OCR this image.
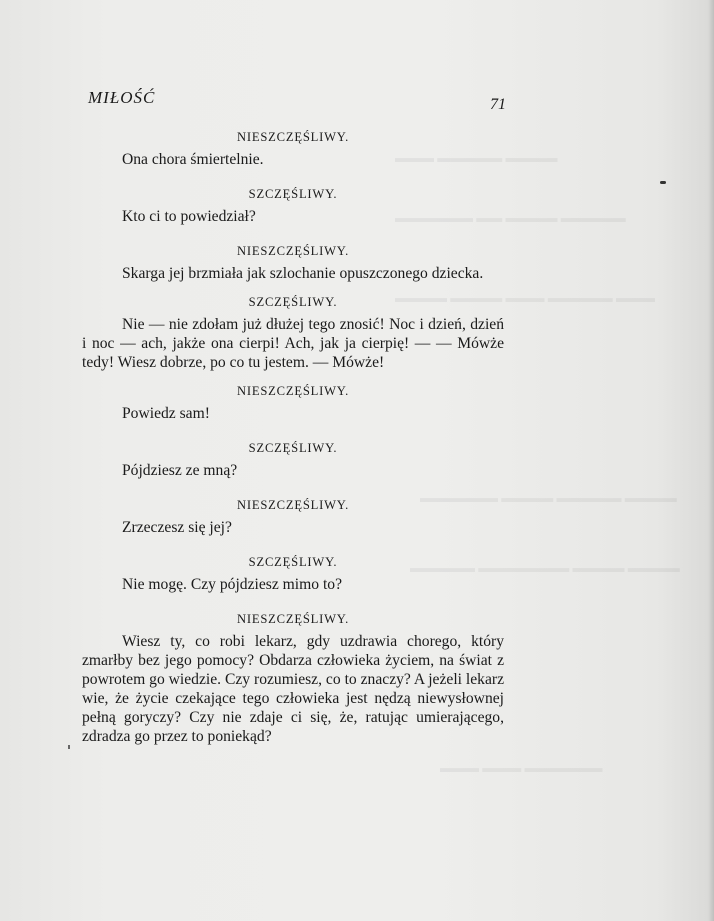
▬▬▬ ▬▬▬▬▬ ▬▬▬▬
▬▬▬▬▬▬ ▬▬ ▬▬▬▬ ▬▬▬▬▬
▬▬▬▬ ▬▬▬▬ ▬▬▬ ▬▬▬▬▬ ▬▬▬
▬▬▬▬▬▬ ▬▬▬▬ ▬▬▬▬▬ ▬▬▬▬
▬▬▬▬▬ ▬▬▬▬▬▬▬ ▬▬▬▬ ▬▬▬▬
▬▬▬ ▬▬▬ ▬▬▬▬▬▬
MIŁOŚĆ	71

NIESZCZĘŚLIWY.

Ona chora śmiertelnie.

SZCZĘŚLIWY.

Kto ci to powiedział?

NIESZCZĘŚLIWY.

Skarga jej brzmiała jak szlochanie opuszczonego dziecka.

SZCZĘŚLIWY.

Nie — nie zdołam już dłużej tego znosić! Noc i dzień, dzień i noc — ach, jakże ona cierpi! Ach, jak ja cierpię! — — Mówże tedy! Wiesz dobrze, po co tu jestem. — Mówże!

NIESZCZĘŚLIWY.

Powiedz sam!

SZCZĘŚLIWY.

Pójdziesz ze mną?

NIESZCZĘŚLIWY.

Zrzeczesz się jej?

SZCZĘŚLIWY.

Nie mogę. Czy pójdziesz mimo to?

NIESZCZĘŚLIWY.

Wiesz ty, co robi lekarz, gdy uzdrawia chorego, który zmarłby bez jego pomocy? Obdarza człowieka życiem, na świat z powrotem go wiedzie. Czy rozumiesz, co to znaczy? A jeżeli lekarz wie, że życie czekające tego człowieka jest nędzą niewysłownej pełną goryczy? Czy nie zdaje ci się, że, ratując umierającego, zdradza go przez to poniekąd?
